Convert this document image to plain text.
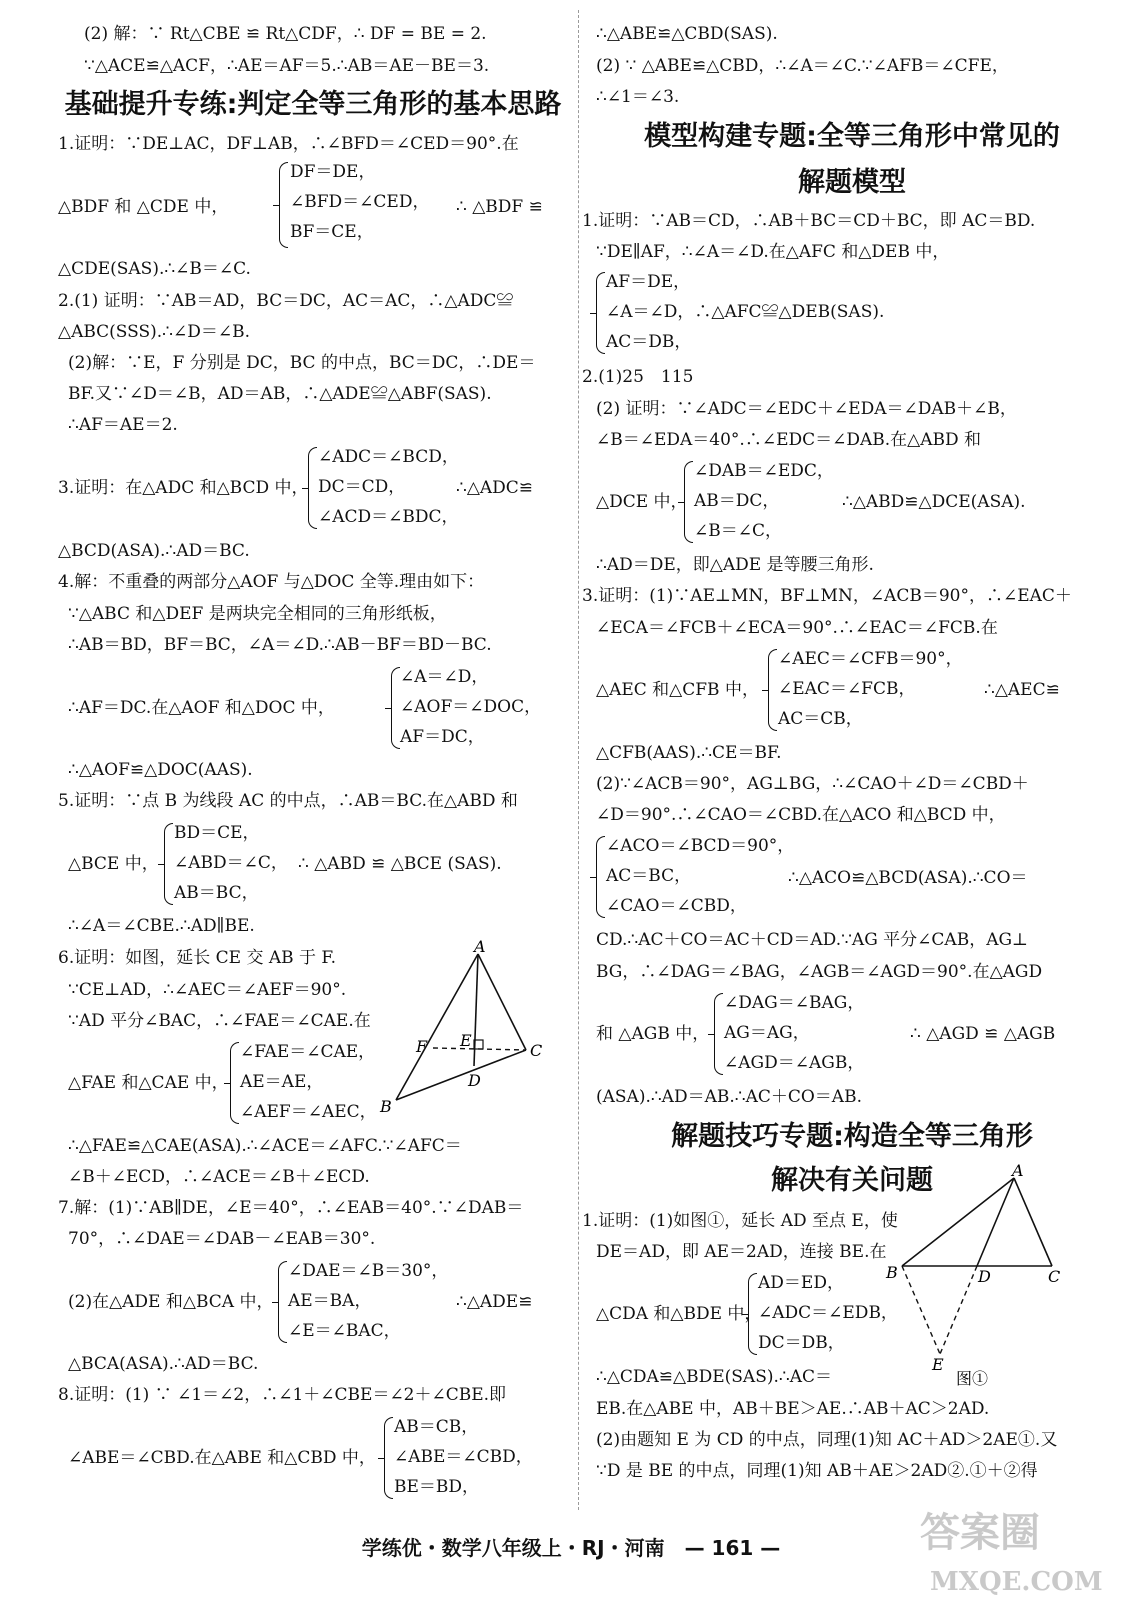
(2) 解：∵ Rt△CBE ≌ Rt△CDF，∴ DF = BE = 2.
∵△ACE≌△ACF，∴AE＝AF＝5.∴AB＝AE－BE＝3.
基础提升专练:判定全等三角形的基本思路
1.证明：∵DE⊥AC，DF⊥AB，∴∠BFD＝∠CED＝90°.在
△BDF 和 △CDE 中，
DF＝DE，
∠BFD＝∠CED，
BF＝CE，
∴ △BDF ≌
△CDE(SAS).∴∠B＝∠C.
2.(1) 证明：∵AB＝AD，BC＝DC，AC＝AC，∴△ADC≌
△ABC(SSS).∴∠D＝∠B.
(2)解：∵E，F 分别是 DC，BC 的中点，BC＝DC，∴DE＝
BF.又∵∠D＝∠B，AD＝AB，∴△ADE≌△ABF(SAS).
∴AF＝AE＝2.
3.证明：在△ADC 和△BCD 中，
∠ADC＝∠BCD，
DC＝CD，
∠ACD＝∠BDC，
∴△ADC≌
△BCD(ASA).∴AD＝BC.
4.解：不重叠的两部分△AOF 与△DOC 全等.理由如下：
∵△ABC 和△DEF 是两块完全相同的三角形纸板，
∴AB＝BD，BF＝BC，∠A＝∠D.∴AB－BF＝BD－BC.
∴AF＝DC.在△AOF 和△DOC 中，
∠A＝∠D，
∠AOF＝∠DOC，
AF＝DC，
∴△AOF≌△DOC(AAS).
5.证明：∵点 B 为线段 AC 的中点，∴AB＝BC.在△ABD 和
△BCE 中，
BD＝CE，
∠ABD＝∠C，
AB＝BC，
∴ △ABD ≌ △BCE (SAS).
∴∠A＝∠CBE.∴AD∥BE.
6.证明：如图，延长 CE 交 AB 于 F.
∵CE⊥AD，∴∠AEC＝∠AEF＝90°.
∵AD 平分∠BAC，∴∠FAE＝∠CAE.在
△FAE 和△CAE 中，
∠FAE＝∠CAE，
AE＝AE，
∠AEF＝∠AEC，
A
B
C
D
E
F
∴△FAE≌△CAE(ASA).∴∠ACE＝∠AFC.∵∠AFC＝
∠B＋∠ECD，∴∠ACE＝∠B＋∠ECD.
7.解：(1)∵AB∥DE，∠E＝40°，∴∠EAB＝40°.∵∠DAB＝
70°，∴∠DAE＝∠DAB－∠EAB＝30°.
(2)在△ADE 和△BCA 中，
∠DAE＝∠B＝30°，
AE＝BA，
∠E＝∠BAC，
∴△ADE≌
△BCA(ASA).∴AD＝BC.
8.证明：(1) ∵ ∠1＝∠2，∴∠1＋∠CBE＝∠2＋∠CBE.即
∠ABE＝∠CBD.在△ABE 和△CBD 中，
AB＝CB，
∠ABE＝∠CBD，
BE＝BD，
∴△ABE≌△CBD(SAS).
(2) ∵ △ABE≌△CBD，∴∠A＝∠C.∵∠AFB＝∠CFE，
∴∠1＝∠3.
模型构建专题:全等三角形中常见的
解题模型
1.证明：∵AB＝CD，∴AB＋BC＝CD＋BC，即 AC＝BD.
∵DE∥AF，∴∠A＝∠D.在△AFC 和△DEB 中，
AF＝DE，
∠A＝∠D，∴△AFC≌△DEB(SAS).
AC＝DB，
2.(1)25　115
(2) 证明：∵∠ADC＝∠EDC＋∠EDA＝∠DAB＋∠B，
∠B＝∠EDA＝40°.∴∠EDC＝∠DAB.在△ABD 和
△DCE 中，
∠DAB＝∠EDC，
AB＝DC，
∠B＝∠C，
∴△ABD≌△DCE(ASA).
∴AD＝DE，即△ADE 是等腰三角形.
3.证明：(1)∵AE⊥MN，BF⊥MN，∠ACB＝90°，∴∠EAC＋
∠ECA＝∠FCB＋∠ECA＝90°.∴∠EAC＝∠FCB.在
△AEC 和△CFB 中，
∠AEC＝∠CFB＝90°，
∠EAC＝∠FCB，
AC＝CB，
∴△AEC≌
△CFB(AAS).∴CE＝BF.
(2)∵∠ACB＝90°，AG⊥BG，∴∠CAO＋∠D＝∠CBD＋
∠D＝90°.∴∠CAO＝∠CBD.在△ACO 和△BCD 中，
∠ACO＝∠BCD＝90°，
AC＝BC，
∠CAO＝∠CBD，
∴△ACO≌△BCD(ASA).∴CO＝
CD.∴AC＋CO＝AC＋CD＝AD.∵AG 平分∠CAB，AG⊥
BG，∴∠DAG＝∠BAG，∠AGB＝∠AGD＝90°.在△AGD
和 △AGB 中，
∠DAG＝∠BAG，
AG＝AG，
∠AGD＝∠AGB，
∴ △AGD ≌ △AGB
(ASA).∴AD＝AB.∴AC＋CO＝AB.
解题技巧专题:构造全等三角形
解决有关问题
1.证明：(1)如图①，延长 AD 至点 E，使
DE＝AD，即 AE＝2AD，连接 BE.在
△CDA 和△BDE 中，
AD＝ED，
∠ADC＝∠EDB，
DC＝DB，
∴△CDA≌△BDE(SAS).∴AC＝
A
B	C
D
E
图①
EB.在△ABE 中，AB＋BE＞AE.∴AB＋AC＞2AD.
(2)由题知 E 为 CD 的中点，同理(1)知 AC＋AD＞2AE①.又
∵D 是 BE 的中点，同理(1)知 AB＋AE＞2AD②.①＋②得
学练优・数学八年级上・RJ・河南　— 161 —	答案圈
MXQE.COM
